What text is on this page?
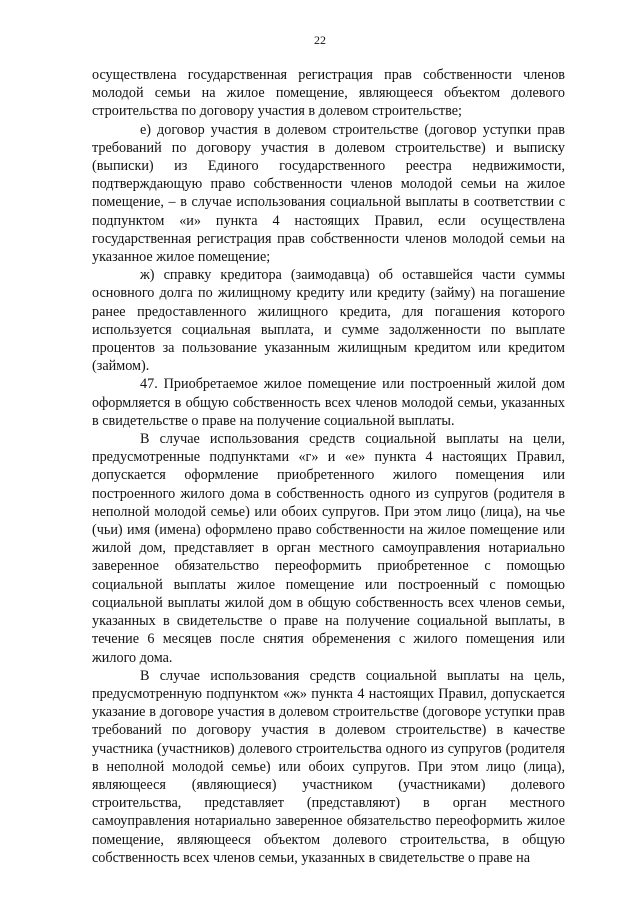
22

осуществлена государственная регистрация прав собственности членов молодой семьи на жилое помещение, являющееся объектом долевого строительства по договору участия в долевом строительстве;

е) договор участия в долевом строительстве (договор уступки прав требований по договору участия в долевом строительстве) и выписку (выписки) из Единого государственного реестра недвижимости, подтверждающую право собственности членов молодой семьи на жилое помещение, – в случае использования социальной выплаты в соответствии с подпунктом «и» пункта 4 настоящих Правил, если осуществлена государственная регистрация прав собственности членов молодой семьи на указанное жилое помещение;

ж) справку кредитора (заимодавца) об оставшейся части суммы основного долга по жилищному кредиту или кредиту (займу) на погашение ранее предоставленного жилищного кредита, для погашения которого используется социальная выплата, и сумме задолженности по выплате процентов за пользование указанным жилищным кредитом или кредитом (займом).

47. Приобретаемое жилое помещение или построенный жилой дом оформляется в общую собственность всех членов молодой семьи, указанных в свидетельстве о праве на получение социальной выплаты.

В случае использования средств социальной выплаты на цели, предусмотренные подпунктами «г» и «е» пункта 4 настоящих Правил, допускается оформление приобретенного жилого помещения или построенного жилого дома в собственность одного из супругов (родителя в неполной молодой семье) или обоих супругов. При этом лицо (лица), на чье (чьи) имя (имена) оформлено право собственности на жилое помещение или жилой дом, представляет в орган местного самоуправления нотариально заверенное обязательство переоформить приобретенное с помощью социальной выплаты жилое помещение или построенный с помощью социальной выплаты жилой дом в общую собственность всех членов семьи, указанных в свидетельстве о праве на получение социальной выплаты, в течение 6 месяцев после снятия обременения с жилого помещения или жилого дома.

В случае использования средств социальной выплаты на цель, предусмотренную подпунктом «ж» пункта 4 настоящих Правил, допускается указание в договоре участия в долевом строительстве (договоре уступки прав требований по договору участия в долевом строительстве) в качестве участника (участников) долевого строительства одного из супругов (родителя в неполной молодой семье) или обоих супругов. При этом лицо (лица), являющееся (являющиеся) участником (участниками) долевого строительства, представляет (представляют) в орган местного самоуправления нотариально заверенное обязательство переоформить жилое помещение, являющееся объектом долевого строительства, в общую собственность всех членов семьи, указанных в свидетельстве о праве на
